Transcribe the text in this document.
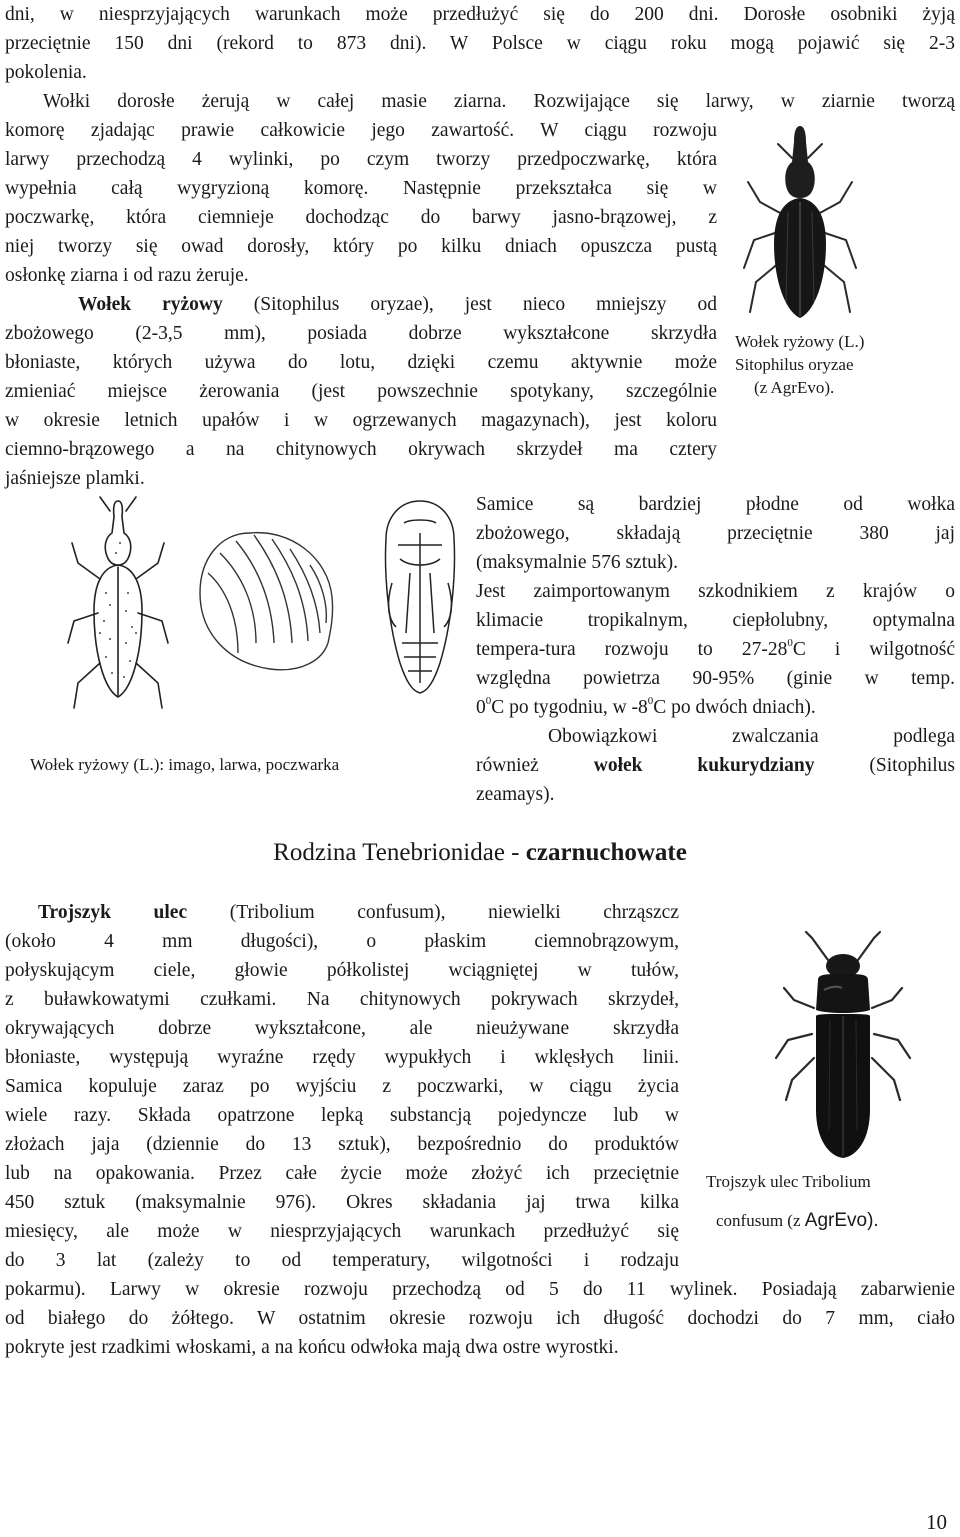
dni, w niesprzyjających warunkach może przedłużyć się do 200 dni. Dorosłe osobniki żyją
przeciętnie 150 dni (rekord to 873 dni). W Polsce w ciągu roku mogą pojawić się 2-3
pokolenia.
Wołki dorosłe żerują w całej masie ziarna. Rozwijające się larwy, w ziarnie tworzą
komorę zjadając prawie całkowicie jego zawartość. W ciągu rozwoju
larwy przechodzą 4 wylinki, po czym tworzy przedpoczwarkę, która
wypełnia całą wygryzioną komorę. Następnie przekształca się w
poczwarkę, która ciemnieje dochodząc do barwy jasno-brązowej, z
niej tworzy się owad dorosły, który po kilku dniach opuszcza pustą
osłonkę ziarna i od razu żeruje.
Wołek ryżowy (Sitophilus oryzae), jest nieco mniejszy od
zbożowego (2-3,5 mm), posiada dobrze wykształcone skrzydła
błoniaste, których używa do lotu, dzięki czemu aktywnie może
zmieniać miejsce żerowania (jest powszechnie spotykany, szczególnie
w okresie letnich upałów i w ogrzewanych magazynach), jest koloru
ciemno-brązowego a na chitynowych okrywach skrzydeł ma cztery
jaśniejsze plamki.
Wołek ryżowy (L.)
Sitophilus oryzae
(z AgrEvo).
Wołek ryżowy (L.): imago, larwa, poczwarka
Samice są bardziej płodne od wołka
zbożowego, składają przeciętnie 380 jaj
(maksymalnie 576 sztuk).
Jest zaimportowanym szkodnikiem z krajów o
klimacie tropikalnym, ciepłolubny, optymalna
tempera-tura rozwoju to $27-28^0C$ i wilgotność
względna powietrza 90-95% (ginie w temp.
$0^0C$ po tygodniu, w $-8^0C$ po dwóch dniach).
Obowiązkowi zwalczania podlega
również	wołek kukurydziany	(Sitophilus
zeamays).
Rodzina Tenebrionidae - czarnuchowate
Trojszyk ulec (Tribolium confusum), niewielki chrząszcz
(około 4 mm długości), o płaskim ciemnobrązowym,
połyskującym ciele, głowie półkolistej wciągniętej w tułów,
z buławkowatymi czułkami. Na chitynowych pokrywach skrzydeł,
okrywających dobrze wykształcone, ale nieużywane skrzydła
błoniaste, występują wyraźne rzędy wypukłych i wklęsłych linii.
Samica kopuluje zaraz po wyjściu z poczwarki, w ciągu życia
wiele razy. Składa opatrzone lepką substancją pojedyncze lub w
złożach jaja (dziennie do 13 sztuk), bezpośrednio do produktów
lub na opakowania. Przez całe życie może złożyć ich przeciętnie
450 sztuk (maksymalnie 976). Okres składania jaj trwa kilka
miesięcy, ale może w niesprzyjających warunkach przedłużyć się
do 3 lat (zależy to od temperatury, wilgotności i rodzaju
pokarmu). Larwy w okresie rozwoju przechodzą od 5 do 11 wylinek. Posiadają zabarwienie
od białego do żółtego. W ostatnim okresie rozwoju ich długość dochodzi do 7 mm, ciało
pokryte jest rzadkimi włoskami, a na końcu odwłoka mają dwa ostre wyrostki.
Trojszyk ulec Tribolium
confusum (z AgrEvo).
10
